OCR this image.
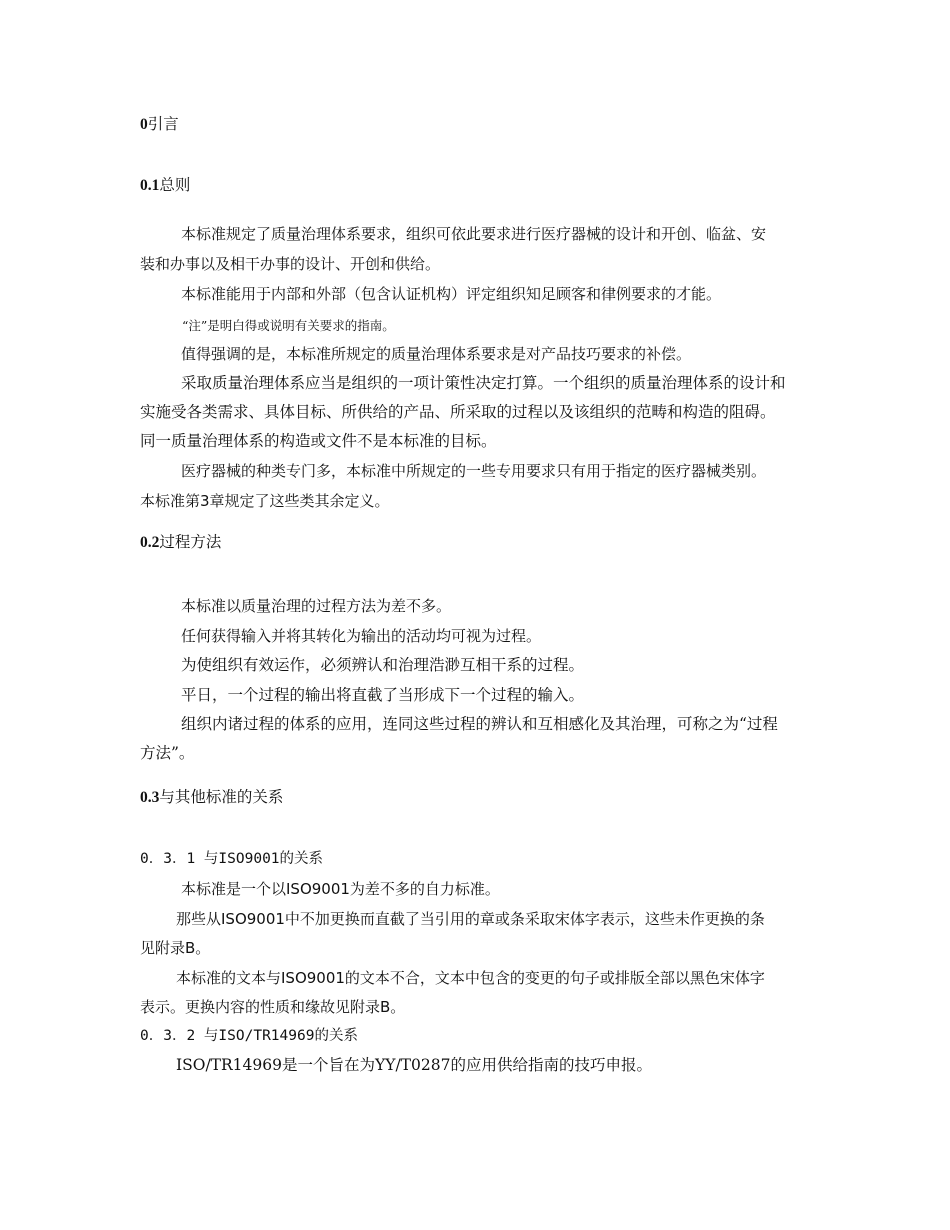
0引言
0.1总则
本标准规定了质量治理体系要求，组织可依此要求进行医疗器械的设计和开创、临盆、安
装和办事以及相干办事的设计、开创和供给。
本标准能用于内部和外部（包含认证机构）评定组织知足顾客和律例要求的才能。
“注”是明白得或说明有关要求的指南。
值得强调的是，本标准所规定的质量治理体系要求是对产品技巧要求的补偿。
采取质量治理体系应当是组织的一项计策性决定打算。一个组织的质量治理体系的设计和
实施受各类需求、具体目标、所供给的产品、所采取的过程以及该组织的范畴和构造的阻碍。
同一质量治理体系的构造或文件不是本标准的目标。
医疗器械的种类专门多，本标准中所规定的一些专用要求只有用于指定的医疗器械类别。
本标准第3章规定了这些类其余定义。
0.2过程方法
本标准以质量治理的过程方法为差不多。
任何获得输入并将其转化为输出的活动均可视为过程。
为使组织有效运作，必须辨认和治理浩渺互相干系的过程。
平日，一个过程的输出将直截了当形成下一个过程的输入。
组织内诸过程的体系的应用，连同这些过程的辨认和互相感化及其治理，可称之为“过程
方法”。
0.3与其他标准的关系
0．3．1 与ISO9001的关系
本标准是一个以ISO9001为差不多的自力标准。
那些从ISO9001中不加更换而直截了当引用的章或条采取宋体字表示，这些未作更换的条
见附录B。
本标准的文本与ISO9001的文本不合，文本中包含的变更的句子或排版全部以黑色宋体字
表示。更换内容的性质和缘故见附录B。
0．3．2 与ISO/TR14969的关系
ISO/TR14969是一个旨在为YY/T0287的应用供给指南的技巧申报。
